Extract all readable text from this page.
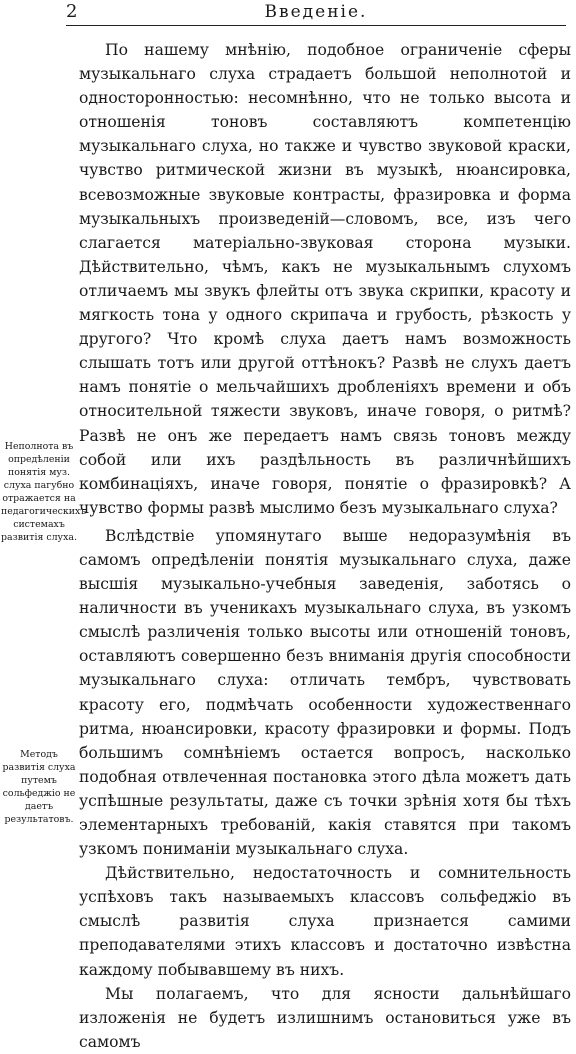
2	Введеніе.
Неполнота въ опредѣленіи понятія муз. слуха пагубно отражается на педагогическихъ системахъ развитія слуха.
Методъ развитія слуха путемъ сольфеджіо не даетъ результатовъ.

По нашему мнѣнію, подобное ограниченіе сферы музыкальнаго слуха страдаетъ большой неполнотой и односторонностью: несомнѣнно, что не только высота и отношенія тоновъ составляютъ компетенцію музыкальнаго слуха, но также и чувство звуковой краски, чувство ритмической жизни въ музыкѣ, нюансировка, всевозможные звуковые контрасты, фразировка и форма музыкальныхъ произведеній—словомъ, все, изъ чего слагается матеріально-звуковая сторона музыки. Дѣйствительно, чѣмъ, какъ не музыкальнымъ слухомъ отличаемъ мы звукъ флейты отъ звука скрипки, красоту и мягкость тона у одного скрипача и грубость, рѣзкость у другого? Что кромѣ слуха даетъ намъ возможность слышать тотъ или другой оттѣнокъ? Развѣ не слухъ даетъ намъ понятіе о мельчайшихъ дробленіяхъ времени и объ относительной тяжести звуковъ, иначе говоря, о ритмѣ? Развѣ не онъ же передаетъ намъ связь тоновъ между собой или ихъ раздѣльность въ различнѣйшихъ комбинаціяхъ, иначе говоря, понятіе о фразировкѣ? А чувство формы развѣ мыслимо безъ музыкальнаго слуха?

Вслѣдствіе упомянутаго выше недоразумѣнія въ самомъ опредѣленіи понятія музыкальнаго слуха, даже высшія музыкально-учебныя заведенія, заботясь о наличности въ ученикахъ музыкальнаго слуха, въ узкомъ смыслѣ различенія только высоты или отношеній тоновъ, оставляютъ совершенно безъ вниманія другія способности музыкальнаго слуха: отличать тембръ, чувствовать красоту его, подмѣчать особенности художественнаго ритма, нюансировки, красоту фразировки и формы. Подъ большимъ сомнѣніемъ остается вопросъ, насколько подобная отвлеченная постановка этого дѣла можетъ дать успѣшные результаты, даже съ точки зрѣнія хотя бы тѣхъ элементарныхъ требованій, какія ставятся при такомъ узкомъ пониманіи музыкальнаго слуха.

Дѣйствительно, недостаточность и сомнительность успѣховъ такъ называемыхъ классовъ сольфеджіо въ смыслѣ развитія слуха признается самими преподавателями этихъ классовъ и достаточно извѣстна каждому побывавшему въ нихъ.

Мы полагаемъ, что для ясности дальнѣйшаго изложенія не будетъ излишнимъ остановиться уже въ самомъ
